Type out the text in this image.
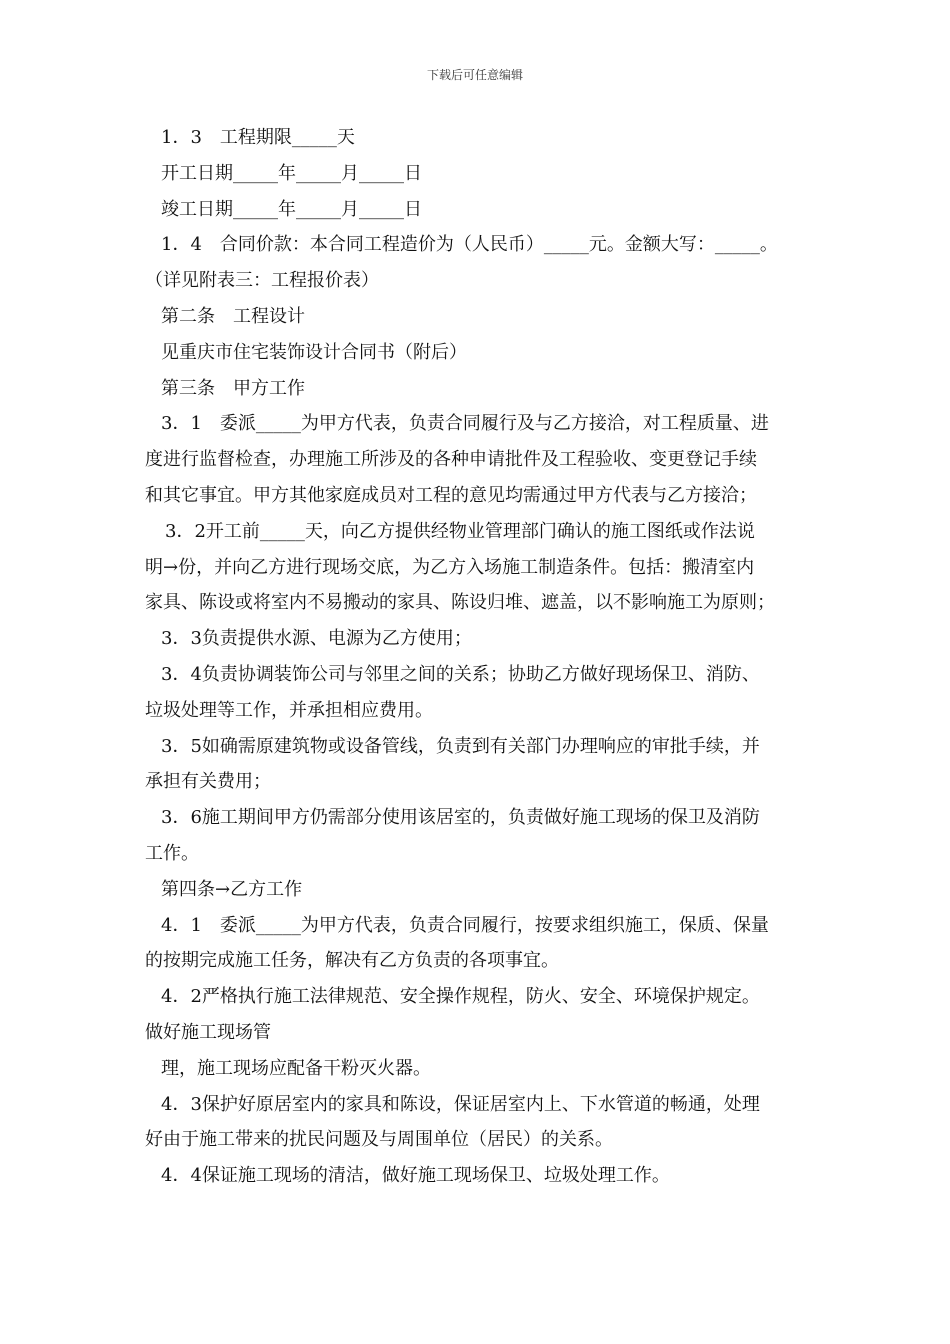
下载后可任意编辑
1．3　工程期限_____天
开工日期_____年_____月_____日
竣工日期_____年_____月_____日
1．4　合同价款：本合同工程造价为（人民币）_____元。金额大写：_____。
（详见附表三：工程报价表）
第二条　工程设计
见重庆市住宅装饰设计合同书（附后）
第三条　甲方工作
3．1　委派_____为甲方代表，负责合同履行及与乙方接洽，对工程质量、进
度进行监督检查，办理施工所涉及的各种申请批件及工程验收、变更登记手续
和其它事宜。甲方其他家庭成员对工程的意见均需通过甲方代表与乙方接洽；
3．2开工前_____天，向乙方提供经物业管理部门确认的施工图纸或作法说
明→份，并向乙方进行现场交底，为乙方入场施工制造条件。包括：搬清室内
家具、陈设或将室内不易搬动的家具、陈设归堆、遮盖，以不影响施工为原则；
3．3负责提供水源、电源为乙方使用；
3．4负责协调装饰公司与邻里之间的关系；协助乙方做好现场保卫、消防、
垃圾处理等工作，并承担相应费用。
3．5如确需原建筑物或设备管线，负责到有关部门办理响应的审批手续，并
承担有关费用；
3．6施工期间甲方仍需部分使用该居室的，负责做好施工现场的保卫及消防
工作。
第四条→乙方工作
4．1　委派_____为甲方代表，负责合同履行，按要求组织施工，保质、保量
的按期完成施工任务，解决有乙方负责的各项事宜。
4．2严格执行施工法律规范、安全操作规程，防火、安全、环境保护规定。
做好施工现场管
理，施工现场应配备干粉灭火器。
4．3保护好原居室内的家具和陈设，保证居室内上、下水管道的畅通，处理
好由于施工带来的扰民问题及与周围单位（居民）的关系。
4．4保证施工现场的清洁，做好施工现场保卫、垃圾处理工作。
